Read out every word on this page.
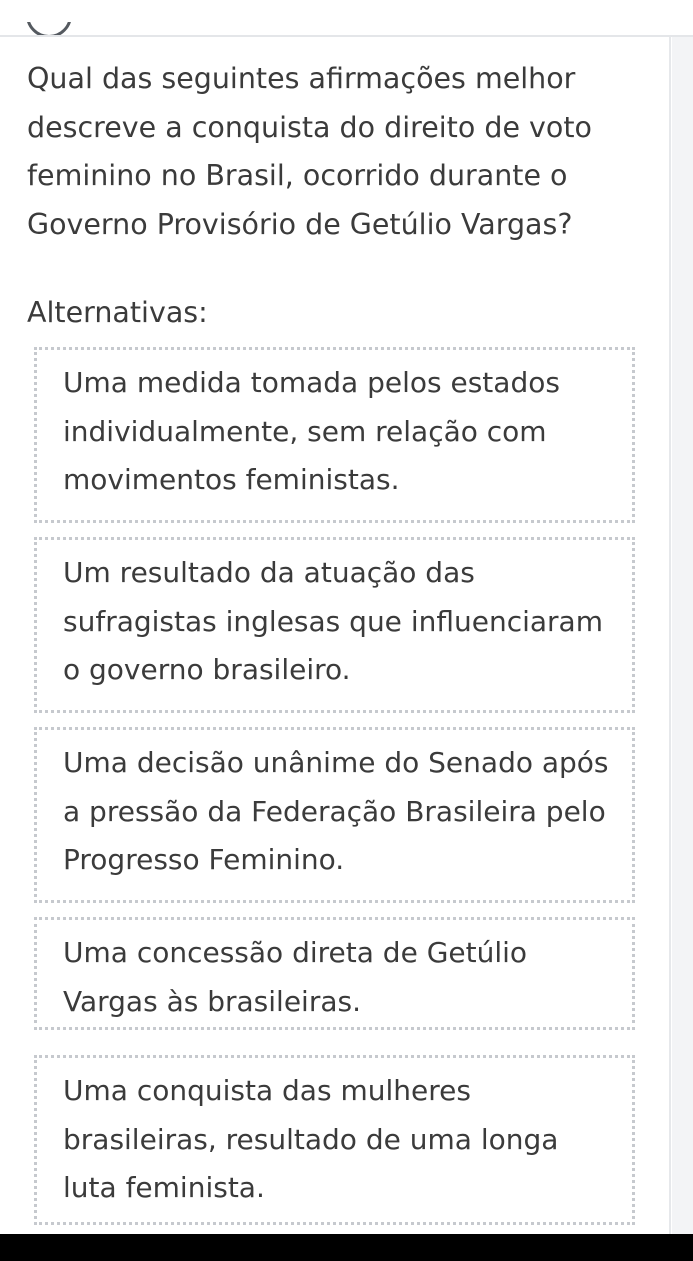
Qual das seguintes afirmações melhor descreve a conquista do direito de voto feminino no Brasil, ocorrido durante o Governo Provisório de Getúlio Vargas?
Alternativas:
Uma medida tomada pelos estados individualmente, sem relação com movimentos feministas.
Um resultado da atuação das sufragistas inglesas que influenciaram o governo brasileiro.
Uma decisão unânime do Senado após a pressão da Federação Brasileira pelo Progresso Feminino.
Uma concessão direta de Getúlio Vargas às brasileiras.
Uma conquista das mulheres brasileiras, resultado de uma longa luta feminista.
